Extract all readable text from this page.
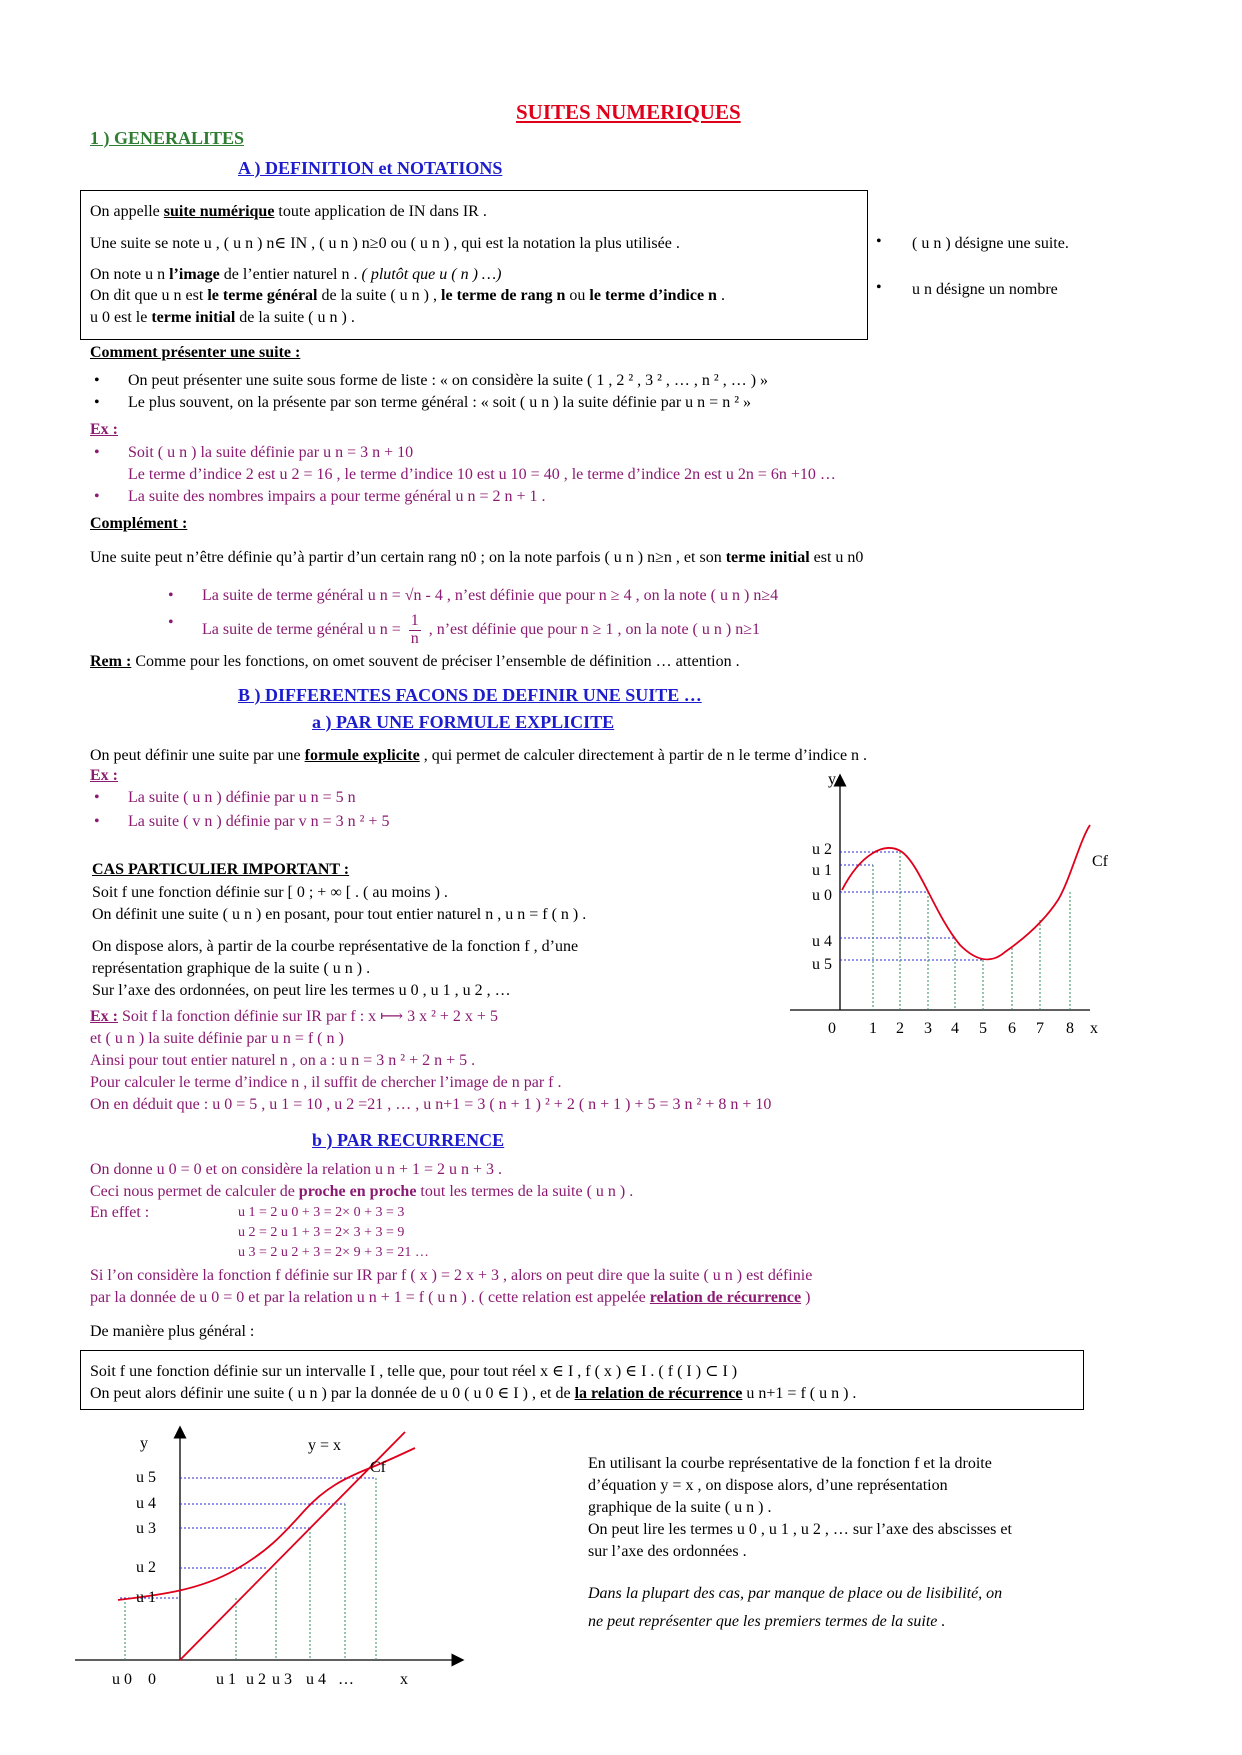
SUITES NUMERIQUES
1 ) GENERALITES
A ) DEFINITION et NOTATIONS
On appelle suite numérique toute application de IN dans IR .
Une suite se note u , ( u n ) n∈ IN , ( u n ) n≥0 ou ( u n ) , qui est la notation la plus utilisée .
On note u n l’image de l’entier naturel n . ( plutôt que u ( n ) …)
On dit que u n est le terme général de la suite ( u n ) , le terme de rang n ou le terme d’indice n .
u 0 est le terme initial de la suite ( u n ) .
• ( u n ) désigne une suite.
• u n désigne un nombre
Comment présenter une suite :
• On peut présenter une suite sous forme de liste : « on considère la suite ( 1 , 2 ² , 3 ² , … , n ² , … ) »
• Le plus souvent, on la présente par son terme général : « soit ( u n ) la suite définie par u n = n ² »
Ex :
• Soit ( u n ) la suite définie par u n = 3 n + 10
Le terme d’indice 2 est u 2 = 16 , le terme d’indice 10 est u 10 = 40 , le terme d’indice 2n est u 2n = 6n +10 …
• La suite des nombres impairs a pour terme général u n = 2 n + 1 .
Complément :
Une suite peut n’être définie qu’à partir d’un certain rang n0 ; on la note parfois ( u n ) n≥n , et son terme initial est u n0
• La suite de terme général u n = √n - 4 , n’est définie que pour n ≥ 4 , on la note ( u n ) n≥4
• La suite de terme général u $n = \frac{1}{n}$ , n’est définie que pour n ≥ 1 , on la note ( u n ) n≥1
Rem : Comme pour les fonctions, on omet souvent de préciser l’ensemble de définition … attention .
B ) DIFFERENTES FACONS DE DEFINIR UNE SUITE …
a ) PAR UNE FORMULE EXPLICITE
On peut définir une suite par une formule explicite , qui permet de calculer directement à partir de n le terme d’indice n .
Ex :
• La suite ( u n ) définie par u n = 5 n
• La suite ( v n ) définie par v n = 3 n ² + 5
CAS PARTICULIER IMPORTANT :
Soit f une fonction définie sur [ 0 ; + ∞ [ . ( au moins ) .
On définit une suite ( u n ) en posant, pour tout entier naturel n , u n = f ( n ) .
On dispose alors, à partir de la courbe représentative de la fonction f , d’une
représentation graphique de la suite ( u n ) .
Sur l’axe des ordonnées, on peut lire les termes u 0 , u 1 , u 2 , …
Ex : Soit f la fonction définie sur IR par f : x ⟼ 3 x ² + 2 x + 5
et ( u n ) la suite définie par u n = f ( n )
Ainsi pour tout entier naturel n , on a : u n = 3 n ² + 2 n + 5 .
Pour calculer le terme d’indice n , il suffit de chercher l’image de n par f .
On en déduit que : u 0 = 5 , u 1 = 10 , u 2 =21 , … , u n+1 = 3 ( n + 1 ) ² + 2 ( n + 1 ) + 5 = 3 n ² + 8 n + 10
y
x
Cf
0
u 2
u 1
u 0
u 4
u 5
1 2 3 4 5 6 7 8
b ) PAR RECURRENCE
On donne u 0 = 0 et on considère la relation u n + 1 = 2 u n + 3 .
Ceci nous permet de calculer de proche en proche tout les termes de la suite ( u n ) .
En effet :	u 1 = 2 u 0 + 3 = 2× 0 + 3 = 3
u 2 = 2 u 1 + 3 = 2× 3 + 3 = 9
u 3 = 2 u 2 + 3 = 2× 9 + 3 = 21 …
Si l’on considère la fonction f définie sur IR par f ( x ) = 2 x + 3 , alors on peut dire que la suite ( u n ) est définie
par la donnée de u 0 = 0 et par la relation u n + 1 = f ( u n ) . ( cette relation est appelée relation de récurrence )
De manière plus général :
Soit f une fonction définie sur un intervalle I , telle que, pour tout réel x ∈ I , f ( x ) ∈ I . ( f ( I ) ⊂ I )
On peut alors définir une suite ( u n ) par la donnée de u 0 ( u 0 ∈ I ) , et de la relation de récurrence u n+1 = f ( u n ) .
y
x
y = x
Cf
0
u 5
u 4
u 3
u 2
u 1
u 0	u 1 u 2 u 3 u 4 …
En utilisant la courbe représentative de la fonction f et la droite
d’équation y = x , on dispose alors, d’une représentation
graphique de la suite ( u n ) .
On peut lire les termes u 0 , u 1 , u 2 , … sur l’axe des abscisses et
sur l’axe des ordonnées .
Dans la plupart des cas, par manque de place ou de lisibilité, on
ne peut représenter que les premiers termes de la suite .
